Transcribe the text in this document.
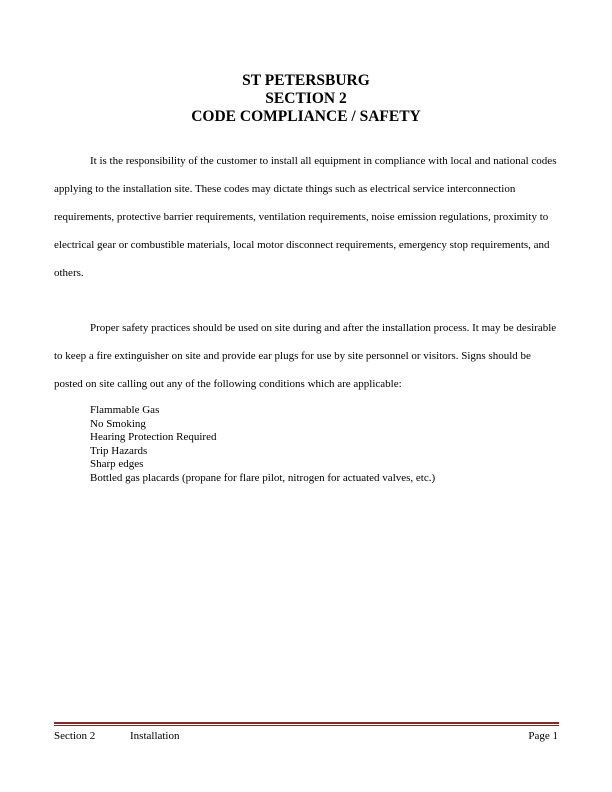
ST PETERSBURG
SECTION 2
CODE COMPLIANCE / SAFETY

It is the responsibility of the customer to install all equipment in compliance with local and national codes applying to the installation site. These codes may dictate things such as electrical service interconnection requirements, protective barrier requirements, ventilation requirements, noise emission regulations, proximity to electrical gear or combustible materials, local motor disconnect requirements, emergency stop requirements, and others.

Proper safety practices should be used on site during and after the installation process. It may be desirable to keep a fire extinguisher on site and provide ear plugs for use by site personnel or visitors. Signs should be posted on site calling out any of the following conditions which are applicable:

Flammable Gas
No Smoking
Hearing Protection Required
Trip Hazards
Sharp edges
Bottled gas placards (propane for flare pilot, nitrogen for actuated valves, etc.)
Section 2	Installation	Page 1
